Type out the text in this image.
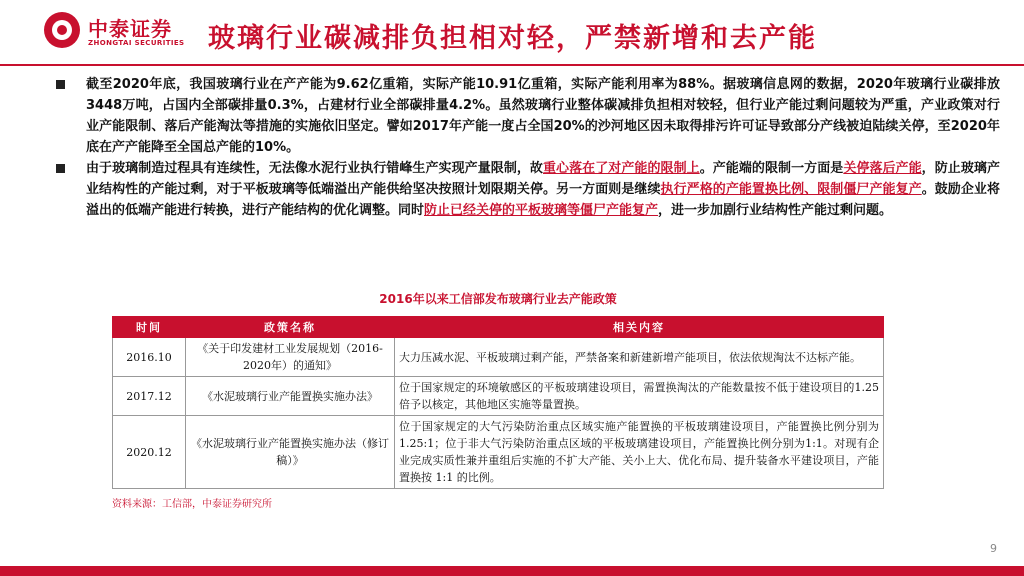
中泰证券
ZHONGTAI SECURITIES 玻璃行业碳减排负担相对轻，严禁新增和去产能
截至2020年底，我国玻璃行业在产产能为9.62亿重箱，实际产能10.91亿重箱，实际产能利用率为88%。据玻璃信息网的数据，2020年玻璃行业碳排放3448万吨，占国内全部碳排量0.3%，占建材行业全部碳排量4.2%。虽然玻璃行业整体碳减排负担相对较轻，但行业产能过剩问题较为严重，产业政策对行业产能限制、落后产能淘汰等措施的实施依旧坚定。譬如2017年产能一度占全国20%的沙河地区因未取得排污许可证导致部分产线被迫陆续关停，至2020年底在产产能降至全国总产能的10%。
由于玻璃制造过程具有连续性，无法像水泥行业执行错峰生产实现产量限制，故重心落在了对产能的限制上。产能端的限制一方面是关停落后产能，防止玻璃产业结构性的产能过剩，对于平板玻璃等低端溢出产能供给坚决按照计划限期关停。另一方面则是继续执行严格的产能置换比例、限制僵尸产能复产。鼓励企业将溢出的低端产能进行转换，进行产能结构的优化调整。同时防止已经关停的平板玻璃等僵尸产能复产，进一步加剧行业结构性产能过剩问题。
2016年以来工信部发布玻璃行业去产能政策
时间	政策名称	相关内容
2016.10	《关于印发建材工业发展规划（2016-2020年）的通知》	大力压减水泥、平板玻璃过剩产能，严禁备案和新建新增产能项目，依法依规淘汰不达标产能。
2017.12	《水泥玻璃行业产能置换实施办法》	位于国家规定的环境敏感区的平板玻璃建设项目，需置换淘汰的产能数量按不低于建设项目的1.25倍予以核定，其他地区实施等量置换。
2020.12	《水泥玻璃行业产能置换实施办法（修订稿）》	位于国家规定的大气污染防治重点区域实施产能置换的平板玻璃建设项目，产能置换比例分别为1.25:1；位于非大气污染防治重点区域的平板玻璃建设项目，产能置换比例分别为1:1。对现有企业完成实质性兼并重组后实施的不扩大产能、关小上大、优化布局、提升装备水平建设项目，产能置换按 1:1 的比例。
资料来源：工信部，中泰证券研究所
9
